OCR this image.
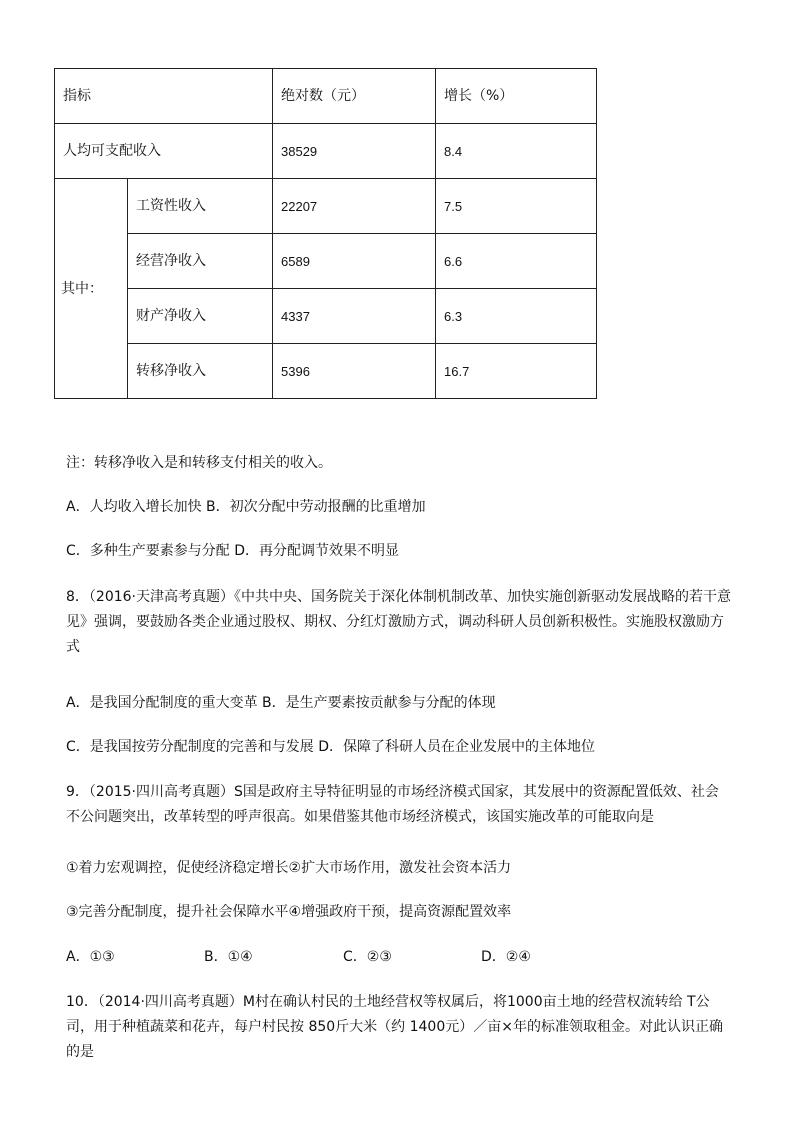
指标		绝对数（元）	增长（%）
人均可支配收入		38529	8.4
其中：	工资性收入	22207	7.5
	经营净收入	6589	6.6
	财产净收入	4337	6.3
	转移净收入	5396	16.7
注：转移净收入是和转移支付相关的收入。
A．人均收入增长加快 B．初次分配中劳动报酬的比重增加
C．多种生产要素参与分配 D．再分配调节效果不明显
8．（2016·天津高考真题）《中共中央、国务院关于深化体制机制改革、加快实施创新驱动发展战略的若干意见》强调，要鼓励各类企业通过股权、期权、分红灯激励方式，调动科研人员创新积极性。实施股权激励方式
A．是我国分配制度的重大变革 B．是生产要素按贡献参与分配的体现
C．是我国按劳分配制度的完善和与发展 D．保障了科研人员在企业发展中的主体地位
9．（2015·四川高考真题）S国是政府主导特征明显的市场经济模式国家，其发展中的资源配置低效、社会不公问题突出，改革转型的呼声很高。如果借鉴其他市场经济模式，该国实施改革的可能取向是
①着力宏观调控，促使经济稳定增长②扩大市场作用，激发社会资本活力
③完善分配制度，提升社会保障水平④增强政府干预，提高资源配置效率
A．①③	B．①④	C．②③	D．②④
10．（2014·四川高考真题）M村在确认村民的土地经营权等权属后，将1000亩土地的经营权流转给 T公司，用于种植蔬菜和花卉，每户村民按 850斤大米（约 1400元）／亩×年的标准领取租金。对此认识正确的是
